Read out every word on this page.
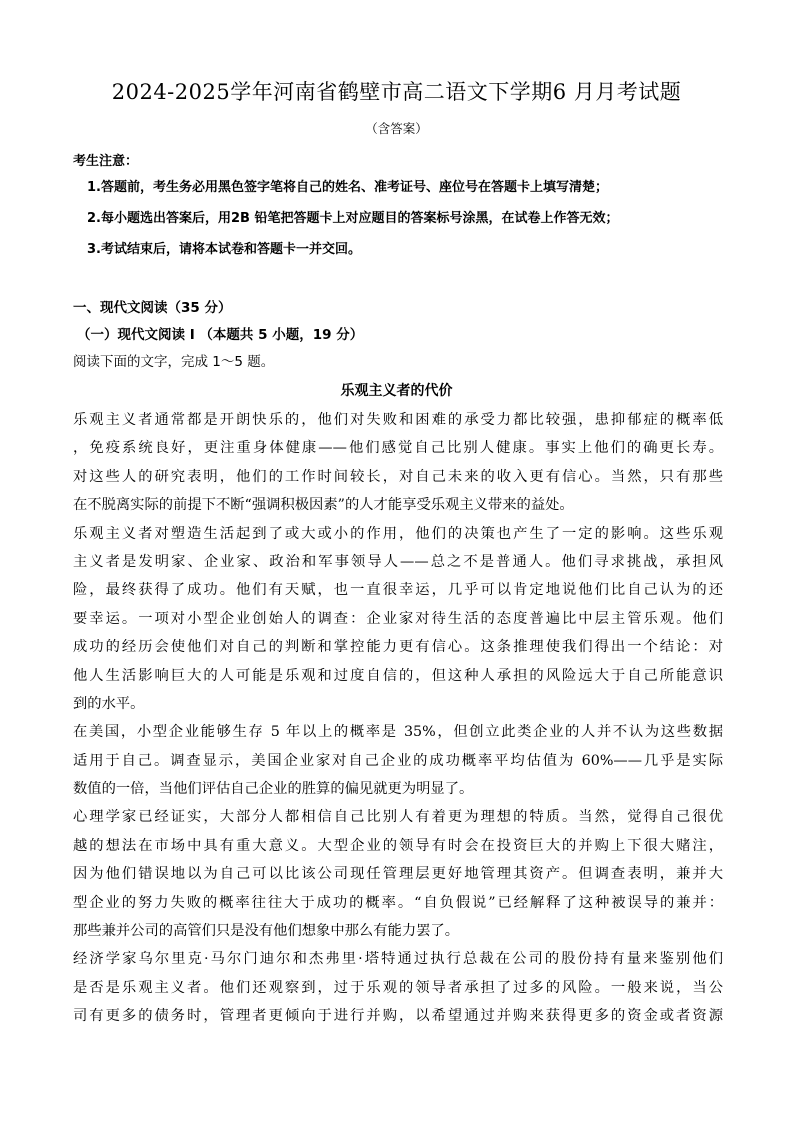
2024-2025学年河南省鹤壁市高二语文下学期6 月月考试题
（含答案）
考生注意：
1.答题前，考生务必用黑色签字笔将自己的姓名、准考证号、座位号在答题卡上填写清楚；
2.每小题选出答案后，用2B 铅笔把答题卡上对应题目的答案标号涂黑，在试卷上作答无效；
3.考试结束后，请将本试卷和答题卡一并交回。
一、现代文阅读（35 分）
（一）现代文阅读 I （本题共 5 小题，19 分）
阅读下面的文字，完成 1～5 题。
乐观主义者的代价
乐观主义者通常都是开朗快乐的，他们对失败和困难的承受力都比较强，患抑郁症的概率低
，免疫系统良好，更注重身体健康——他们感觉自己比别人健康。事实上他们的确更长寿。
对这些人的研究表明，他们的工作时间较长，对自己未来的收入更有信心。当然，只有那些
在不脱离实际的前提下不断“强调积极因素”的人才能享受乐观主义带来的益处。
乐观主义者对塑造生活起到了或大或小的作用，他们的决策也产生了一定的影响。这些乐观
主义者是发明家、企业家、政治和军事领导人——总之不是普通人。他们寻求挑战，承担风
险，最终获得了成功。他们有天赋，也一直很幸运，几乎可以肯定地说他们比自己认为的还
要幸运。一项对小型企业创始人的调查：企业家对待生活的态度普遍比中层主管乐观。他们
成功的经历会使他们对自己的判断和掌控能力更有信心。这条推理使我们得出一个结论：对
他人生活影响巨大的人可能是乐观和过度自信的，但这种人承担的风险远大于自己所能意识
到的水平。
在美国，小型企业能够生存 5 年以上的概率是 35%，但创立此类企业的人并不认为这些数据
适用于自己。调查显示，美国企业家对自己企业的成功概率平均估值为 60%——几乎是实际
数值的一倍，当他们评估自己企业的胜算的偏见就更为明显了。
心理学家已经证实，大部分人都相信自己比别人有着更为理想的特质。当然，觉得自己很优
越的想法在市场中具有重大意义。大型企业的领导有时会在投资巨大的并购上下很大赌注，
因为他们错误地以为自己可以比该公司现任管理层更好地管理其资产。但调查表明，兼并大
型企业的努力失败的概率往往大于成功的概率。“自负假说”已经解释了这种被误导的兼并：
那些兼并公司的高管们只是没有他们想象中那么有能力罢了。
经济学家乌尔里克·马尔门迪尔和杰弗里·塔特通过执行总裁在公司的股份持有量来鉴别他们
是否是乐观主义者。他们还观察到，过于乐观的领导者承担了过多的风险。一般来说，当公
司有更多的债务时，管理者更倾向于进行并购，以希望通过并购来获得更多的资金或者资源
